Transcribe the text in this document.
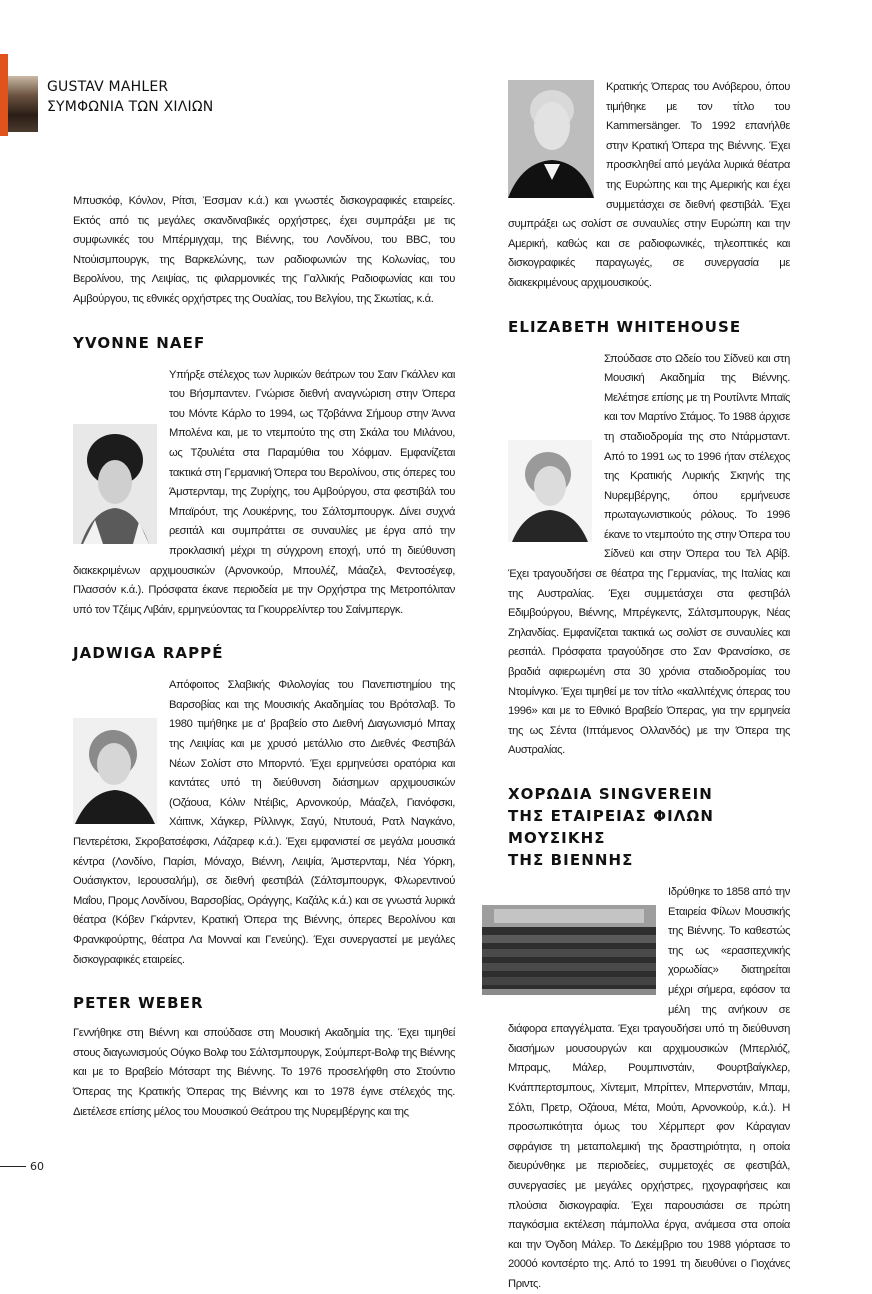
GUSTAV MAHLER
ΣΥΜΦΩΝΙΑ ΤΩΝ ΧΙΛΙΩΝ

Μπυσκόφ, Κόνλον, Ρίτσι, Έσσμαν κ.ά.) και γνωστές δισκογραφικές εταιρείες. Εκτός από τις μεγάλες σκανδιναβικές ορχήστρες, έχει συμπράξει με τις συμφωνικές του Μπέρμιγχαμ, της Βιέννης, του Λονδίνου, του BBC, του Ντούισμπουργκ, της Βαρκελώνης, των ραδιοφωνιών της Κολωνίας, του Βερολίνου, της Λειψίας, τις φιλαρμονικές της Γαλλικής Ραδιοφωνίας και του Αμβούργου, τις εθνικές ορχήστρες της Ουαλίας, του Βελγίου, της Σκωτίας, κ.ά.

YVONNE NAEF

Υπήρξε στέλεχος των λυρικών θεάτρων του Σαιν Γκάλλεν και του Βήσμπαντεν. Γνώρισε διεθνή αναγνώριση στην Όπερα του Μόντε Κάρλο το 1994, ως Τζοβάννα Σήμουρ στην Άννα Μπολένα και, με το ντεμπούτο της στη Σκάλα του Μιλάνου, ως Τζουλιέτα στα Παραμύθια του Χόφμαν. Εμφανίζεται τακτικά στη Γερμανική Όπερα του Βερολίνου, στις όπερες του Άμστερνταμ, της Ζυρίχης, του Αμβούργου, στα φεστιβάλ του Μπαϊρόυτ, της Λουκέρνης, του Σάλτσμπουργκ. Δίνει συχνά ρεσιτάλ και συμπράττει σε συναυλίες με έργα από την προκλασική μέχρι τη σύγχρονη εποχή, υπό τη διεύθυνση διακεκριμένων αρχιμουσικών (Αρνονκούρ, Μπουλέζ, Μάαζελ, Φεντοσέγεφ, Πλασσόν κ.ά.). Πρόσφατα έκανε περιοδεία με την Ορχήστρα της Μετροπόλιταν υπό τον Τζέιμς Λιβάιν, ερμηνεύοντας τα Γκουρρελίντερ του Σαίνμπεργκ.

JADWIGA RAPPÉ

Απόφοιτος Σλαβικής Φιλολογίας του Πανεπιστημίου της Βαρσοβίας και της Μουσικής Ακαδημίας του Βρότσλαβ. Το 1980 τιμήθηκε με α' βραβείο στο Διεθνή Διαγωνισμό Μπαχ της Λειψίας και με χρυσό μετάλλιο στο Διεθνές Φεστιβάλ Νέων Σολίστ στο Μπορντό. Έχει ερμηνεύσει ορατόρια και καντάτες υπό τη διεύθυνση διάσημων αρχιμουσικών (Οζάουα, Κόλιν Ντέιβις, Αρνονκούρ, Μάαζελ, Γιανόφσκι, Χάιτινκ, Χάγκερ, Ρίλλινγκ, Σαγύ, Ντυτουά, Ρατλ Ναγκάνο, Πεντερέτσκι, Σκροβατσέφσκι, Λάζαρεφ κ.ά.). Έχει εμφανιστεί σε μεγάλα μουσικά κέντρα (Λονδίνο, Παρίσι, Μόναχο, Βιέννη, Λειψία, Άμστερνταμ, Νέα Υόρκη, Ουάσιγκτον, Ιερουσαλήμ), σε διεθνή φεστιβάλ (Σάλτσμπουργκ, Φλωρεντινού Μαΐου, Προμς Λονδίνου, Βαρσοβίας, Οράγγης, Καζάλς κ.ά.) και σε γνωστά λυρικά θέατρα (Κόβεν Γκάρντεν, Κρατική Όπερα της Βιέννης, όπερες Βερολίνου και Φρανκφούρτης, θέατρα Λα Μονναί και Γενεύης). Έχει συνεργαστεί με μεγάλες δισκογραφικές εταιρείες.

PETER WEBER

Γεννήθηκε στη Βιέννη και σπούδασε στη Μουσική Ακαδημία της. Έχει τιμηθεί στους διαγωνισμούς Ούγκο Βολφ του Σάλτσμπουργκ, Σούμπερτ-Βολφ της Βιέννης και με το Βραβείο Μότσαρτ της Βιέννης. Το 1976 προσελήφθη στο Στούντιο Όπερας της Κρατικής Όπερας της Βιέννης και το 1978 έγινε στέλεχός της. Διετέλεσε επίσης μέλος του Μουσικού Θεάτρου της Νυρεμβέργης και της

Κρατικής Όπερας του Ανόβερου, όπου τιμήθηκε με τον τίτλο του Kammersänger. Το 1992 επανήλθε στην Κρατική Όπερα της Βιέννης. Έχει προσκληθεί από μεγάλα λυρικά θέατρα της Ευρώπης και της Αμερικής και έχει συμμετάσχει σε διεθνή φεστιβάλ. Έχει συμπράξει ως σολίστ σε συναυλίες στην Ευρώπη και την Αμερική, καθώς και σε ραδιοφωνικές, τηλεοπτικές και δισκογραφικές παραγωγές, σε συνεργασία με διακεκριμένους αρχιμουσικούς.

ELIZABETH WHITEHOUSE

Σπούδασε στο Ωδείο του Σίδνεϋ και στη Μουσική Ακαδημία της Βιέννης. Μελέτησε επίσης με τη Ρουτίλντε Μπαϊς και τον Μαρτίνο Στάμος. Το 1988 άρχισε τη σταδιοδρομία της στο Ντάρμσταντ. Από το 1991 ως το 1996 ήταν στέλεχος της Κρατικής Λυρικής Σκηνής της Νυρεμβέργης, όπου ερμήνευσε πρωταγωνιστικούς ρόλους. Το 1996 έκανε το ντεμπούτο της στην Όπερα του Σίδνεϋ και στην Όπερα του Τελ Αβίβ. Έχει τραγουδήσει σε θέατρα της Γερμανίας, της Ιταλίας και της Αυστραλίας. Έχει συμμετάσχει στα φεστιβάλ Εδιμβούργου, Βιέννης, Μπρέγκεντς, Σάλτσμπουργκ, Νέας Ζηλανδίας. Εμφανίζεται τακτικά ως σολίστ σε συναυλίες και ρεσιτάλ. Πρόσφατα τραγούδησε στο Σαν Φρανσίσκο, σε βραδιά αφιερωμένη στα 30 χρόνια σταδιοδρομίας του Ντομίνγκο. Έχει τιμηθεί με τον τίτλο «καλλιτέχνις όπερας του 1996» και με το Εθνικό Βραβείο Όπερας, για την ερμηνεία της ως Σέντα (Ιπτάμενος Ολλανδός) με την Όπερα της Αυστραλίας.

ΧΟΡΩΔΙΑ SINGVEREIN
ΤΗΣ ΕΤΑΙΡΕΙΑΣ ΦΙΛΩΝ ΜΟΥΣΙΚΗΣ
ΤΗΣ ΒΙΕΝΝΗΣ

Ιδρύθηκε το 1858 από την Εταιρεία Φίλων Μουσικής της Βιέννης. Το καθεστώς της ως «ερασιτεχνικής χορωδίας» διατηρείται μέχρι σήμερα, εφόσον τα μέλη της ανήκουν σε διάφορα επαγγέλματα. Έχει τραγουδήσει υπό τη διεύθυνση διασήμων μουσουργών και αρχιμουσικών (Μπερλιόζ, Μπραμς, Μάλερ, Ρουμπινστάιν, Φουρτβαίγκλερ, Κνάππερτσμπους, Χίντεμιτ, Μπρίττεν, Μπερνστάιν, Μπαμ, Σόλτι, Πρετρ, Οζάουα, Μέτα, Μούτι, Αρνονκούρ, κ.ά.). Η προσωπικότητα όμως του Χέρμπερτ φον Κάραγιαν σφράγισε τη μεταπολεμική της δραστηριότητα, η οποία διευρύνθηκε με περιοδείες, συμμετοχές σε φεστιβάλ, συνεργασίες με μεγάλες ορχήστρες, ηχογραφήσεις και πλούσια δισκογραφία. Έχει παρουσιάσει σε πρώτη παγκόσμια εκτέλεση πάμπολλα έργα, ανάμεσα στα οποία και την Όγδοη Μάλερ. Το Δεκέμβριο του 1988 γιόρτασε το 2000ό κοντσέρτο της. Από το 1991 τη διευθύνει ο Γιοχάνες Πριντς.

60
